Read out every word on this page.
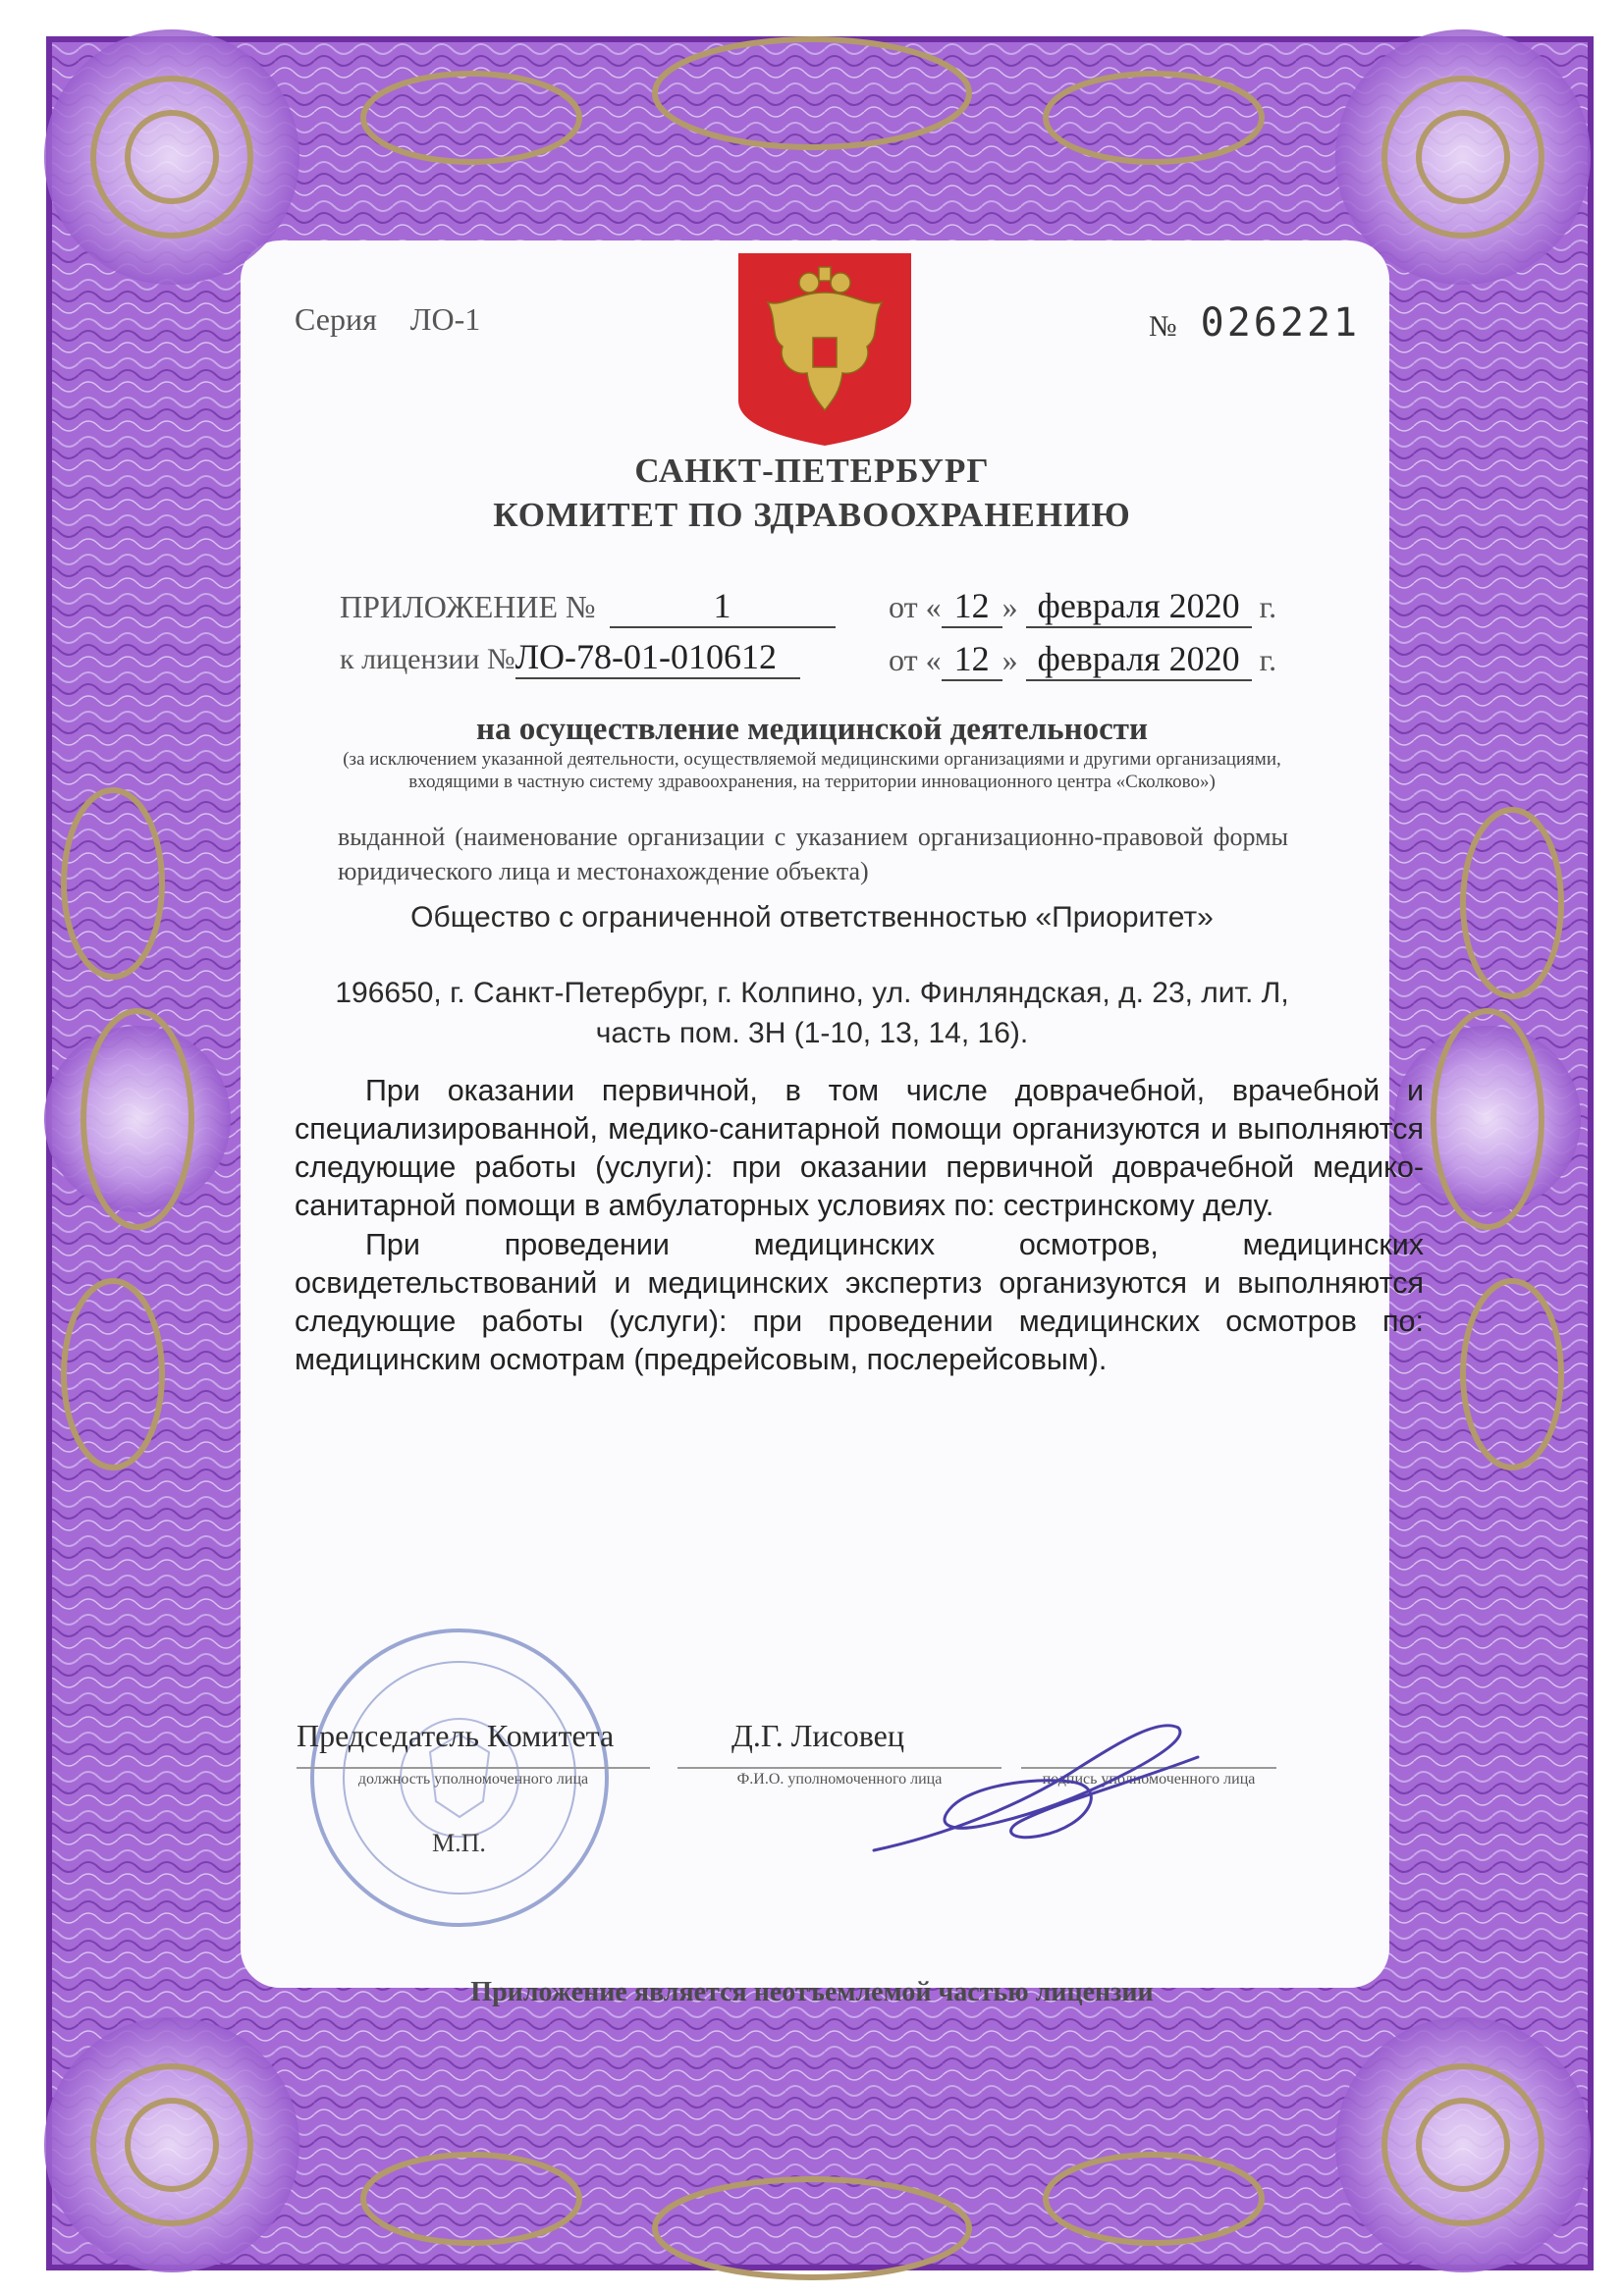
Серия ЛО-1	№ 026221
САНКТ-ПЕТЕРБУРГ
КОМИТЕТ ПО ЗДРАВООХРАНЕНИЮ
ПРИЛОЖЕНИЕ №	1	от « 12 » февраля 2020 г.
к лицензии №ЛО-78-01-010612	от « 12 » февраля 2020 г.
на осуществление медицинской деятельности
(за исключением указанной деятельности, осуществляемой медицинскими организациями и другими организациями, входящими в частную систему здравоохранения, на территории инновационного центра «Сколково»)
выданной (наименование организации с указанием организационно-правовой формы юридического лица и местонахождение объекта)
Общество с ограниченной ответственностью «Приоритет»
196650, г. Санкт-Петербург, г. Колпино, ул. Финляндская, д. 23, лит. Л,
часть пом. 3Н (1-10, 13, 14, 16).
При оказании первичной, в том числе доврачебной, врачебной и специализированной, медико-санитарной помощи организуются и выполняются следующие работы (услуги): при оказании первичной доврачебной медико-санитарной помощи в амбулаторных условиях по: сестринскому делу.
При проведении медицинских осмотров, медицинских освидетельствований и медицинских экспертиз организуются и выполняются следующие работы (услуги): при проведении медицинских осмотров по: медицинским осмотрам (предрейсовым, послерейсовым).
Председатель Комитета	Д.Г. Лисовец
должность уполномоченного лица	Ф.И.О. уполномоченного лица	подпись уполномоченного лица
М.П.
Приложение является неотъемлемой частью лицензии
